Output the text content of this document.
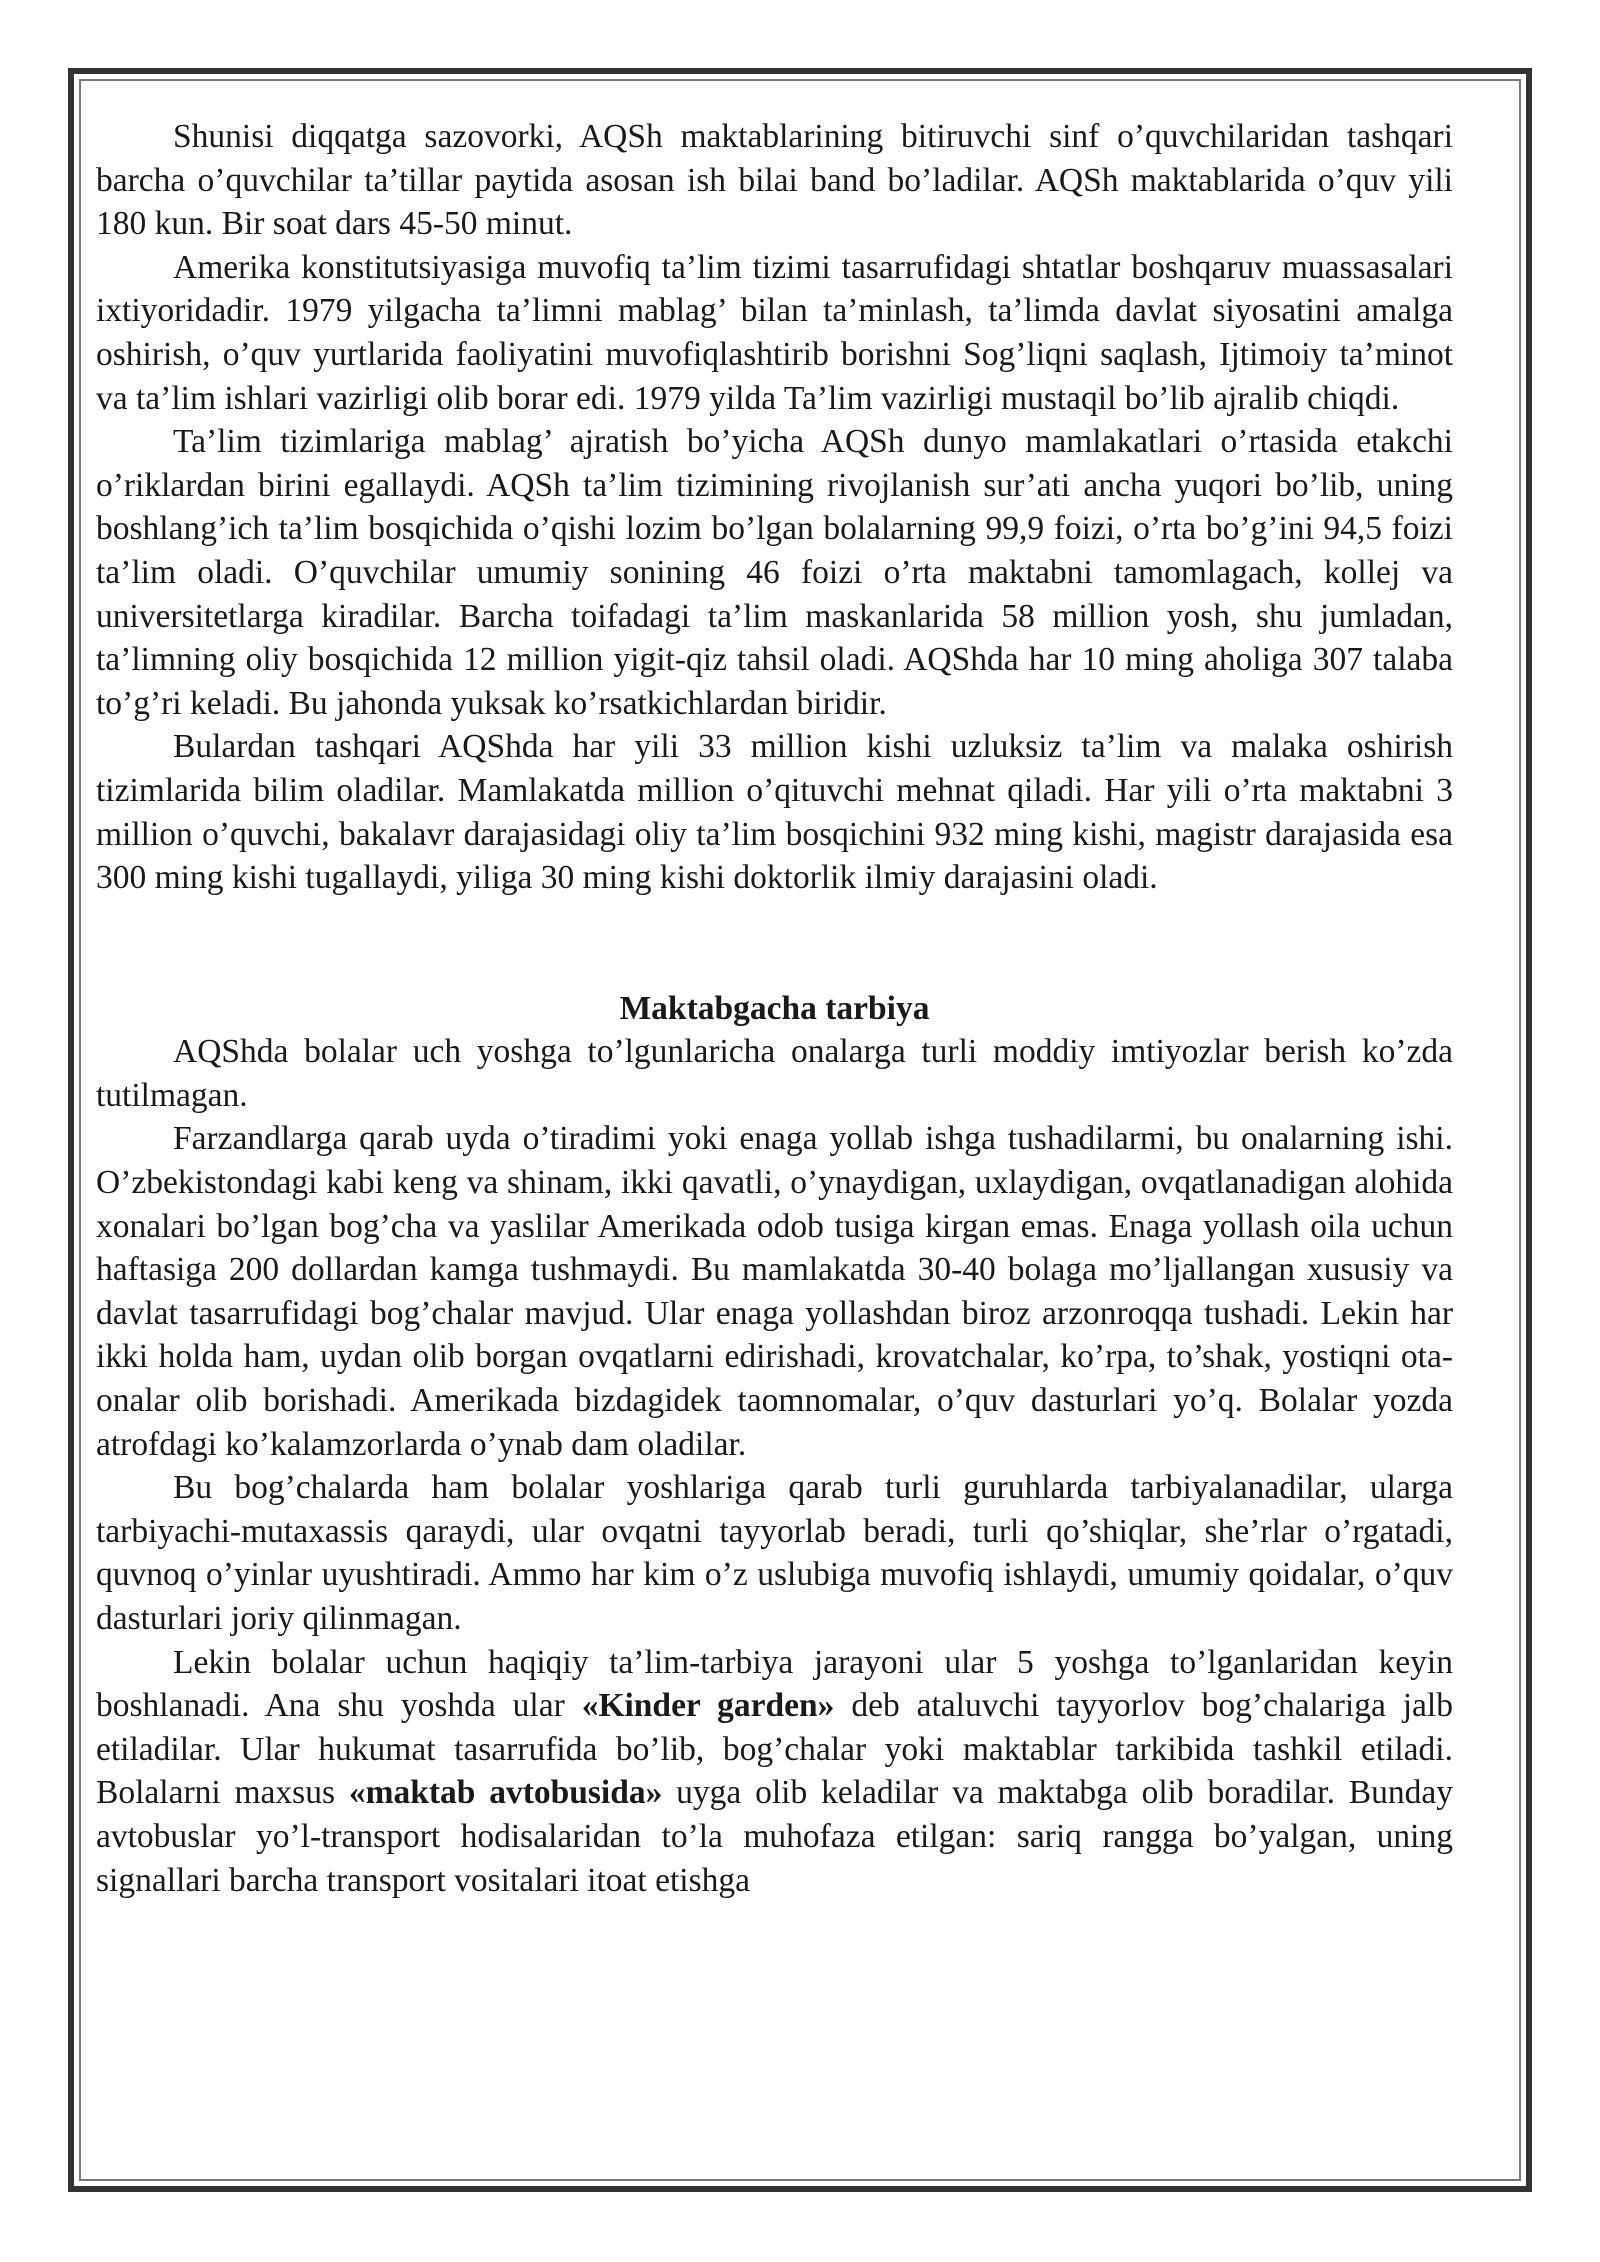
Shunisi diqqatga sazovorki, AQSh maktablarining bitiruvchi sinf o’quvchilaridan tashqari barcha o’quvchilar ta’tillar paytida asosan ish bilai band bo’ladilar. AQSh maktablarida o’quv yili 180 kun. Bir soat dars 45-50 minut.

Amerika konstitutsiyasiga muvofiq ta’lim tizimi tasarrufidagi shtatlar boshqaruv muassasalari ixtiyoridadir. 1979 yilgacha ta’limni mablag’ bilan ta’minlash, ta’limda davlat siyosatini amalga oshirish, o’quv yurtlarida faoliyatini muvofiqlashtirib borishni Sog’liqni saqlash, Ijtimoiy ta’minot va ta’lim ishlari vazirligi olib borar edi. 1979 yilda Ta’lim vazirligi mustaqil bo’lib ajralib chiqdi.

Ta’lim tizimlariga mablag’ ajratish bo’yicha AQSh dunyo mamlakatlari o’rtasida etakchi o’riklardan birini egallaydi. AQSh ta’lim tizimining rivojlanish sur’ati ancha yuqori bo’lib, uning boshlang’ich ta’lim bosqichida o’qishi lozim bo’lgan bolalarning 99,9 foizi, o’rta bo’g’ini 94,5 foizi ta’lim oladi. O’quvchilar umumiy sonining 46 foizi o’rta maktabni tamomlagach, kollej va universitetlarga kiradilar. Barcha toifadagi ta’lim maskanlarida 58 million yosh, shu jumladan, ta’limning oliy bosqichida 12 million yigit-qiz tahsil oladi. AQShda har 10 ming aholiga 307 talaba to’g’ri keladi. Bu jahonda yuksak ko’rsatkichlardan biridir.

Bulardan tashqari AQShda har yili 33 million kishi uzluksiz ta’lim va malaka oshirish tizimlarida bilim oladilar. Mamlakatda million o’qituvchi mehnat qiladi. Har yili o’rta maktabni 3 million o’quvchi, bakalavr darajasidagi oliy ta’lim bosqichini 932 ming kishi, magistr darajasida esa 300 ming kishi tugallaydi, yiliga 30 ming kishi doktorlik ilmiy darajasini oladi.

Maktabgacha tarbiya

AQShda bolalar uch yoshga to’lgunlaricha onalarga turli moddiy imtiyozlar berish ko’zda tutilmagan.

Farzandlarga qarab uyda o’tiradimi yoki enaga yollab ishga tushadilarmi, bu onalarning ishi. O’zbekistondagi kabi keng va shinam, ikki qavatli, o’ynaydigan, uxlaydigan, ovqatlanadigan alohida xonalari bo’lgan bog’cha va yaslilar Amerikada odob tusiga kirgan emas. Enaga yollash oila uchun haftasiga 200 dollardan kamga tushmaydi. Bu mamlakatda 30-40 bolaga mo’ljallangan xususiy va davlat tasarrufidagi bog’chalar mavjud. Ular enaga yollashdan biroz arzonroqqa tushadi. Lekin har ikki holda ham, uydan olib borgan ovqatlarni edirishadi, krovatchalar, ko’rpa, to’shak, yostiqni ota-onalar olib borishadi. Amerikada bizdagidek taomnomalar, o’quv dasturlari yo’q. Bolalar yozda atrofdagi ko’kalamzorlarda o’ynab dam oladilar.

Bu bog’chalarda ham bolalar yoshlariga qarab turli guruhlarda tarbiyalanadilar, ularga tarbiyachi-mutaxassis qaraydi, ular ovqatni tayyorlab beradi, turli qo’shiqlar, she’rlar o’rgatadi, quvnoq o’yinlar uyushtiradi. Ammo har kim o’z uslubiga muvofiq ishlaydi, umumiy qoidalar, o’quv dasturlari joriy qilinmagan.

Lekin bolalar uchun haqiqiy ta’lim-tarbiya jarayoni ular 5 yoshga to’lganlaridan keyin boshlanadi. Ana shu yoshda ular «Kinder garden» deb ataluvchi tayyorlov bog’chalariga jalb etiladilar. Ular hukumat tasarrufida bo’lib, bog’chalar yoki maktablar tarkibida tashkil etiladi. Bolalarni maxsus «maktab avtobusida» uyga olib keladilar va maktabga olib boradilar. Bunday avtobuslar yo’l-transport hodisalaridan to’la muhofaza etilgan: sariq rangga bo’yalgan, uning signallari barcha transport vositalari itoat etishga
